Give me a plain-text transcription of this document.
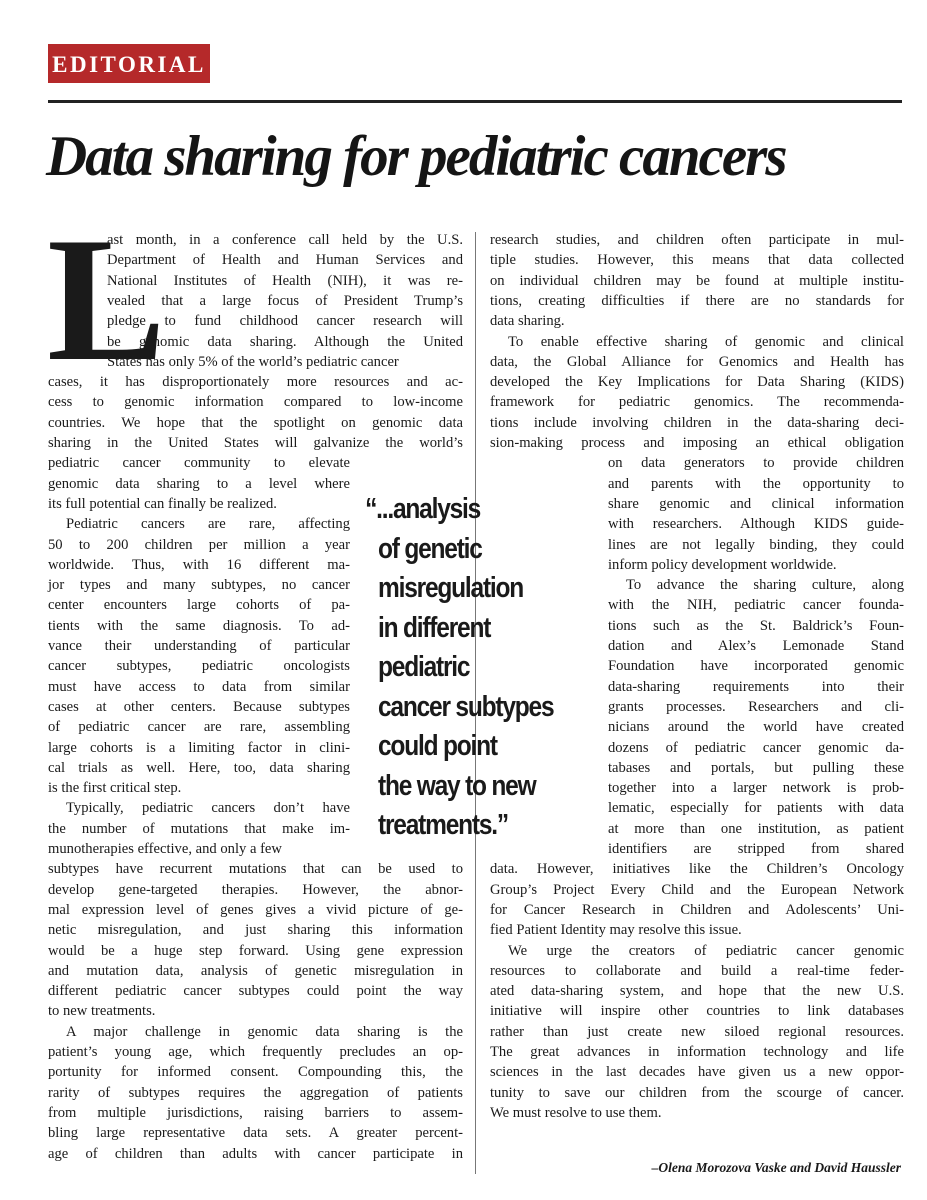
EDITORIAL
Data sharing for pediatric cancers
L
ast month, in a conference call held by the U.S.
Department of Health and Human Services and
National Institutes of Health (NIH), it was re-
vealed that a large focus of President Trump’s
pledge to fund childhood cancer research will
be genomic data sharing. Although the United
States has only 5% of the world’s pediatric cancer
cases, it has disproportionately more resources and ac-
cess to genomic information compared to low-income
countries. We hope that the spotlight on genomic data
sharing in the United States will galvanize the world’s
pediatric cancer community to elevate
genomic data sharing to a level where
its full potential can finally be realized.
Pediatric cancers are rare, affecting
50 to 200 children per million a year
worldwide. Thus, with 16 different ma-
jor types and many subtypes, no cancer
center encounters large cohorts of pa-
tients with the same diagnosis. To ad-
vance their understanding of particular
cancer subtypes, pediatric oncologists
must have access to data from similar
cases at other centers. Because subtypes
of pediatric cancer are rare, assembling
large cohorts is a limiting factor in clini-
cal trials as well. Here, too, data sharing
is the first critical step.
Typically, pediatric cancers don’t have
the number of mutations that make im-
munotherapies effective, and only a few
subtypes have recurrent mutations that can be used to
develop gene-targeted therapies. However, the abnor-
mal expression level of genes gives a vivid picture of ge-
netic misregulation, and just sharing this information
would be a huge step forward. Using gene expression
and mutation data, analysis of genetic misregulation in
different pediatric cancer subtypes could point the way
to new treatments.
A major challenge in genomic data sharing is the
patient’s young age, which frequently precludes an op-
portunity for informed consent. Compounding this, the
rarity of subtypes requires the aggregation of patients
from multiple jurisdictions, raising barriers to assem-
bling large representative data sets. A greater percent-
age of children than adults with cancer participate in
research studies, and children often participate in mul-
tiple studies. However, this means that data collected
on individual children may be found at multiple institu-
tions, creating difficulties if there are no standards for
data sharing.
To enable effective sharing of genomic and clinical
data, the Global Alliance for Genomics and Health has
developed the Key Implications for Data Sharing (KIDS)
framework for pediatric genomics. The recommenda-
tions include involving children in the data-sharing deci-
sion-making process and imposing an ethical obligation
on data generators to provide children
and parents with the opportunity to
share genomic and clinical information
with researchers. Although KIDS guide-
lines are not legally binding, they could
inform policy development worldwide.
To advance the sharing culture, along
with the NIH, pediatric cancer founda-
tions such as the St. Baldrick’s Foun-
dation and Alex’s Lemonade Stand
Foundation have incorporated genomic
data-sharing requirements into their
grants processes. Researchers and cli-
nicians around the world have created
dozens of pediatric cancer genomic da-
tabases and portals, but pulling these
together into a larger network is prob-
lematic, especially for patients with data
at more than one institution, as patient
identifiers are stripped from shared
data. However, initiatives like the Children’s Oncology
Group’s Project Every Child and the European Network
for Cancer Research in Children and Adolescents’ Uni-
fied Patient Identity may resolve this issue.
We urge the creators of pediatric cancer genomic
resources to collaborate and build a real-time feder-
ated data-sharing system, and hope that the new U.S.
initiative will inspire other countries to link databases
rather than just create new siloed regional resources.
The great advances in information technology and life
sciences in the last decades have given us a new oppor-
tunity to save our children from the scourge of cancer.
We must resolve to use them.
“...analysis
of genetic
misregulation
in different
pediatric
cancer subtypes
could point
the way to new
treatments.”
–Olena Morozova Vaske and David Haussler
